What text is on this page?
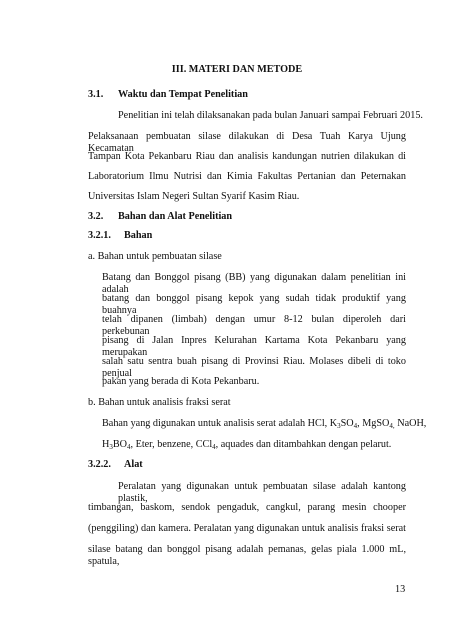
III. MATERI DAN METODE
3.1. Waktu dan Tempat Penelitian
Penelitian ini telah dilaksanakan pada bulan Januari sampai Februari 2015.
Pelaksanaan pembuatan silase dilakukan di Desa Tuah Karya Ujung Kecamatan
Tampan Kota Pekanbaru Riau dan analisis kandungan nutrien dilakukan di
Laboratorium Ilmu Nutrisi dan Kimia Fakultas Pertanian dan Peternakan
Universitas Islam Negeri Sultan Syarif Kasim Riau.
3.2. Bahan dan Alat Penelitian
3.2.1. Bahan
a. Bahan untuk pembuatan silase
Batang dan Bonggol pisang (BB) yang digunakan dalam penelitian ini adalah
batang dan bonggol pisang kepok yang sudah tidak produktif yang buahnya
telah dipanen (limbah) dengan umur 8-12 bulan diperoleh dari perkebunan
pisang di Jalan Inpres Kelurahan Kartama Kota Pekanbaru yang merupakan
salah satu sentra buah pisang di Provinsi Riau. Molases dibeli di toko penjual
pakan yang berada di Kota Pekanbaru.
b. Bahan untuk analisis fraksi serat
Bahan yang digunakan untuk analisis serat adalah HCl, $K_3SO_4$, MgSO$_{4,}$ NaOH,
$H_3BO_4$, Eter, benzene, CCl$_4$, aquades dan ditambahkan dengan pelarut.
3.2.2. Alat
Peralatan yang digunakan untuk pembuatan silase adalah kantong plastik,
timbangan, baskom, sendok pengaduk, cangkul, parang mesin chooper
(penggiling) dan kamera. Peralatan yang digunakan untuk analisis fraksi serat
silase batang dan bonggol pisang adalah pemanas, gelas piala 1.000 mL, spatula,
13
